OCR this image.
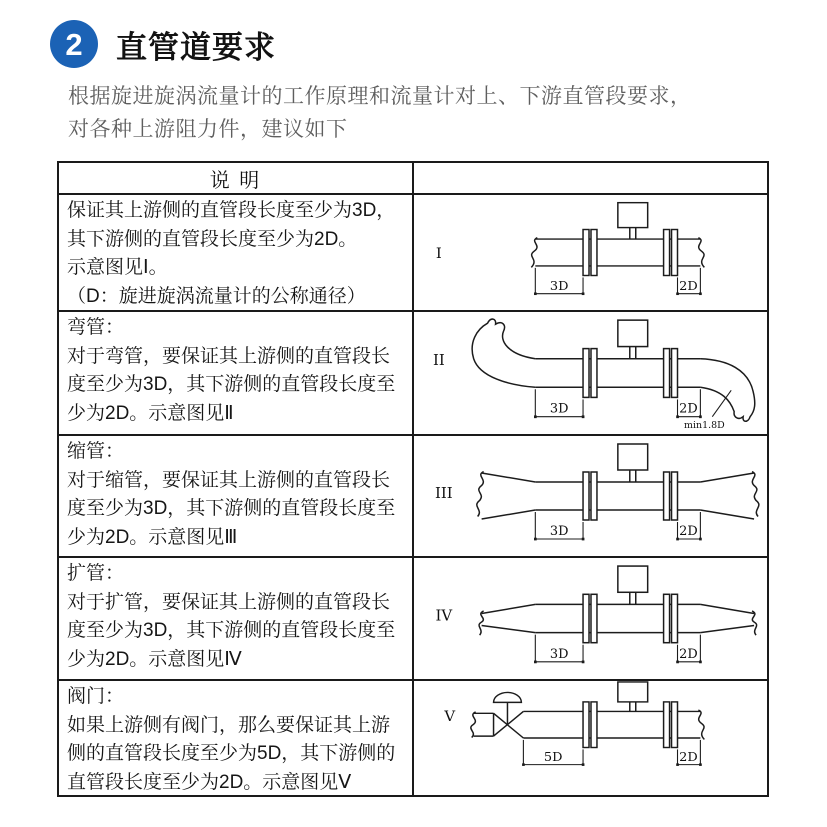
2	直管道要求
根据旋进旋涡流量计的工作原理和流量计对上、下游直管段要求，
对各种上游阻力件，建议如下
说 明
保证其上游侧的直管段长度至少为3D，
其下游侧的直管段长度至少为2D。
示意图见Ⅰ。
（D：旋进旋涡流量计的公称通径）
3D	2D
I
弯管：
对于弯管，要保证其上游侧的直管段长
度至少为3D，其下游侧的直管段长度至
少为2D。示意图见Ⅱ	3D	2D
min1.8D
II
缩管：
对于缩管，要保证其上游侧的直管段长
度至少为3D，其下游侧的直管段长度至
少为2D。示意图见Ⅲ	3D	2D
III
扩管：
对于扩管，要保证其上游侧的直管段长
度至少为3D，其下游侧的直管段长度至
少为2D。示意图见Ⅳ	3D	2D
IV
阀门：
如果上游侧有阀门，那么要保证其上游
侧的直管段长度至少为5D，其下游侧的
直管段长度至少为2D。示意图见Ⅴ
5D	2D
V
